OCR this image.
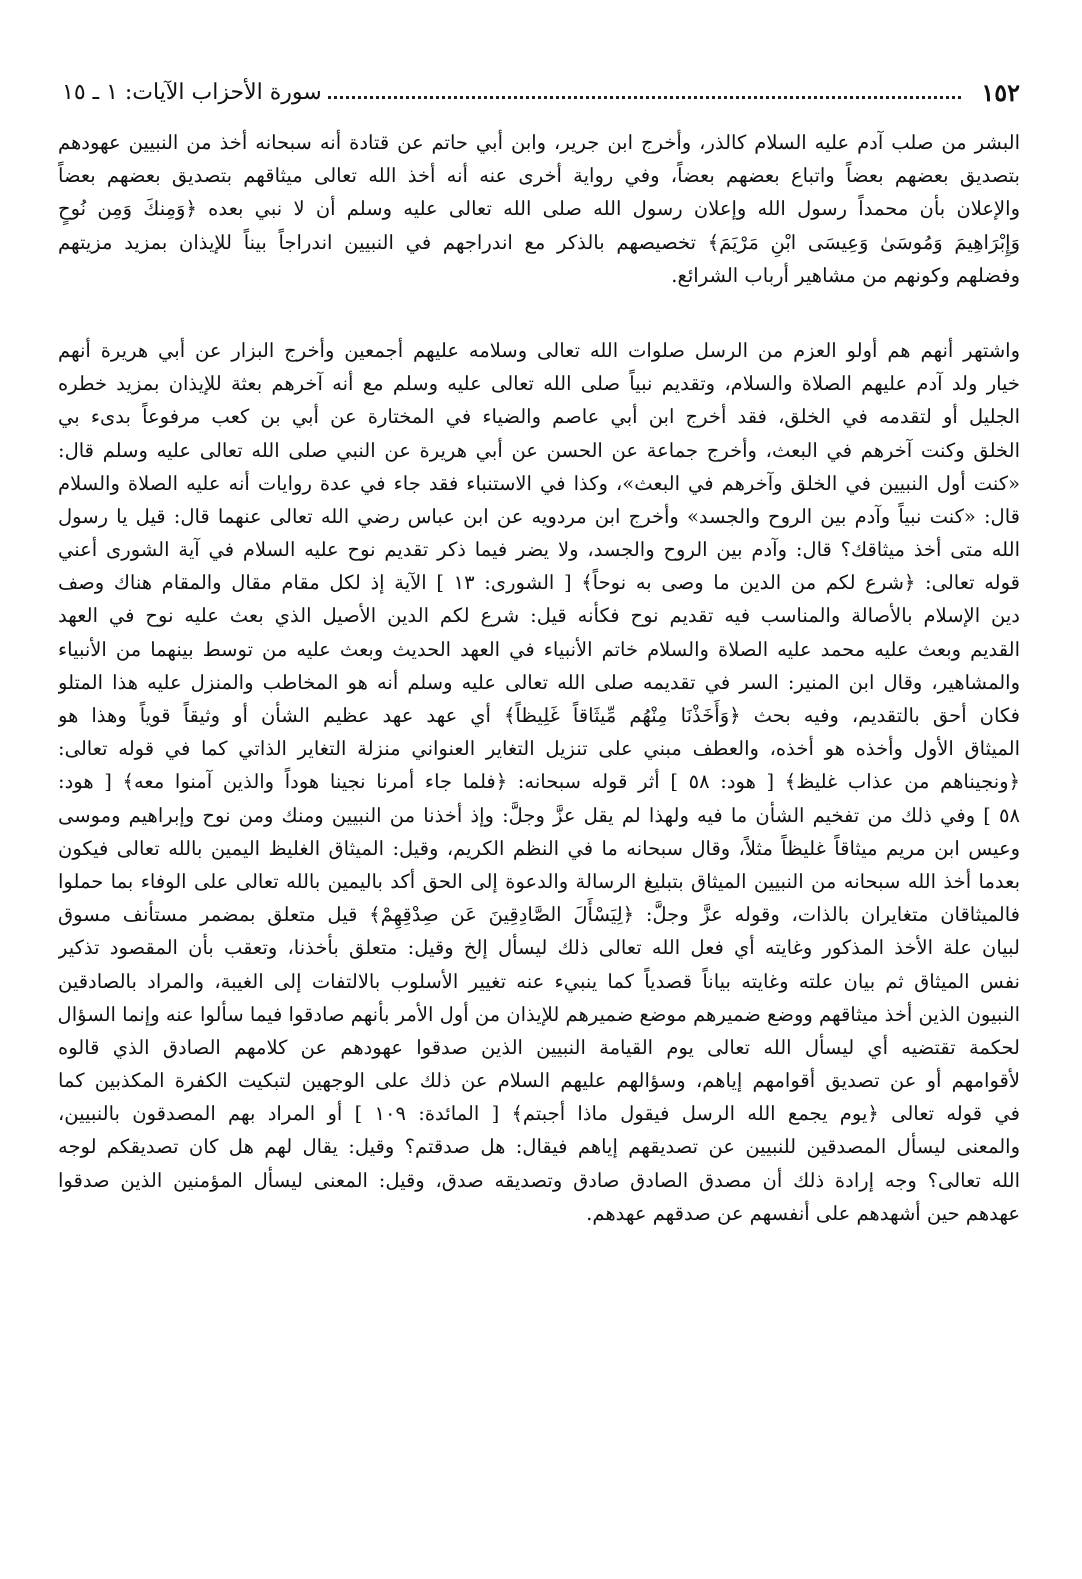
١٥٢
سورة الأحزاب الآيات: ١ ـ ١٥
البشر من صلب آدم عليه السلام كالذر، وأخرج ابن جرير، وابن أبي حاتم عن قتادة أنه سبحانه أخذ من النبيين عهودهم
بتصديق بعضهم بعضاً واتباع بعضهم بعضاً، وفي رواية أخرى عنه أنه أخذ الله تعالى ميثاقهم بتصديق بعضهم بعضاً
والإعلان بأن محمداً رسول الله وإعلان رسول الله صلى الله تعالى عليه وسلم أن لا نبي بعده ﴿وَمِنكَ وَمِن نُوحٍ
وَإِبْرَاهِيمَ وَمُوسَىٰ وَعِيسَى ابْنِ مَرْيَمَ﴾ تخصيصهم بالذكر مع اندراجهم في النبيين اندراجاً بيناً للإيذان بمزيد مزيتهم
وفضلهم وكونهم من مشاهير أرباب الشرائع.
واشتهر أنهم هم أولو العزم من الرسل صلوات الله تعالى وسلامه عليهم أجمعين وأخرج البزار عن أبي هريرة أنهم
خيار ولد آدم عليهم الصلاة والسلام، وتقديم نبياً صلى الله تعالى عليه وسلم مع أنه آخرهم بعثة للإيذان بمزيد خطره
الجليل أو لتقدمه في الخلق، فقد أخرج ابن أبي عاصم والضياء في المختارة عن أبي بن كعب مرفوعاً بدىء بي
الخلق وكنت آخرهم في البعث، وأخرج جماعة عن الحسن عن أبي هريرة عن النبي صلى الله تعالى عليه وسلم قال:
«كنت أول النبيين في الخلق وآخرهم في البعث»، وكذا في الاستنباء فقد جاء في عدة روايات أنه عليه الصلاة والسلام
قال: «كنت نبياً وآدم بين الروح والجسد» وأخرج ابن مردويه عن ابن عباس رضي الله تعالى عنهما قال: قيل يا رسول
الله متى أخذ ميثاقك؟ قال: وآدم بين الروح والجسد، ولا يضر فيما ذكر تقديم نوح عليه السلام في آية الشورى أعني
قوله تعالى: ﴿شرع لكم من الدين ما وصى به نوحاً﴾ [ الشورى: ١٣ ] الآية إذ لكل مقام مقال والمقام هناك وصف
دين الإسلام بالأصالة والمناسب فيه تقديم نوح فكأنه قيل: شرع لكم الدين الأصيل الذي بعث عليه نوح في العهد
القديم وبعث عليه محمد عليه الصلاة والسلام خاتم الأنبياء في العهد الحديث وبعث عليه من توسط بينهما من الأنبياء
والمشاهير، وقال ابن المنير: السر في تقديمه صلى الله تعالى عليه وسلم أنه هو المخاطب والمنزل عليه هذا المتلو
فكان أحق بالتقديم، وفيه بحث ﴿وَأَخَذْنَا مِنْهُم مِّيثَاقاً غَلِيظاً﴾ أي عهد عهد عظيم الشأن أو وثيقاً قوياً وهذا هو
الميثاق الأول وأخذه هو أخذه، والعطف مبني على تنزيل التغاير العنواني منزلة التغاير الذاتي كما في قوله تعالى:
﴿ونجيناهم من عذاب غليظ﴾ [ هود: ٥٨ ] أثر قوله سبحانه: ﴿فلما جاء أمرنا نجينا هوداً والذين آمنوا معه﴾ [ هود:
٥٨ ] وفي ذلك من تفخيم الشأن ما فيه ولهذا لم يقل عزَّ وجلَّ: وإذ أخذنا من النبيين ومنك ومن نوح وإبراهيم وموسى
وعيس ابن مريم ميثاقاً غليظاً مثلاً، وقال سبحانه ما في النظم الكريم، وقيل: الميثاق الغليظ اليمين بالله تعالى فيكون
بعدما أخذ الله سبحانه من النبيين الميثاق بتبليغ الرسالة والدعوة إلى الحق أكد باليمين بالله تعالى على الوفاء بما حملوا
فالميثاقان متغايران بالذات، وقوله عزَّ وجلَّ: ﴿لِيَسْأَلَ الصَّادِقِينَ عَن صِدْقِهِمْ﴾ قيل متعلق بمضمر مستأنف مسوق
لبيان علة الأخذ المذكور وغايته أي فعل الله تعالى ذلك ليسأل إلخ وقيل: متعلق بأخذنا، وتعقب بأن المقصود تذكير
نفس الميثاق ثم بيان علته وغايته بياناً قصدياً كما ينبيء عنه تغيير الأسلوب بالالتفات إلى الغيبة، والمراد بالصادقين
النبيون الذين أخذ ميثاقهم ووضع ضميرهم موضع ضميرهم للإيذان من أول الأمر بأنهم صادقوا فيما سألوا عنه وإنما السؤال
لحكمة تقتضيه أي ليسأل الله تعالى يوم القيامة النبيين الذين صدقوا عهودهم عن كلامهم الصادق الذي قالوه
لأقوامهم أو عن تصديق أقوامهم إياهم، وسؤالهم عليهم السلام عن ذلك على الوجهين لتبكيت الكفرة المكذبين كما
في قوله تعالى ﴿يوم يجمع الله الرسل فيقول ماذا أجبتم﴾ [ المائدة: ١٠٩ ] أو المراد بهم المصدقون بالنبيين،
والمعنى ليسأل المصدقين للنبيين عن تصديقهم إياهم فيقال: هل صدقتم؟ وقيل: يقال لهم هل كان تصديقكم لوجه
الله تعالى؟ وجه إرادة ذلك أن مصدق الصادق صادق وتصديقه صدق، وقيل: المعنى ليسأل المؤمنين الذين صدقوا
عهدهم حين أشهدهم على أنفسهم عن صدقهم عهدهم.
